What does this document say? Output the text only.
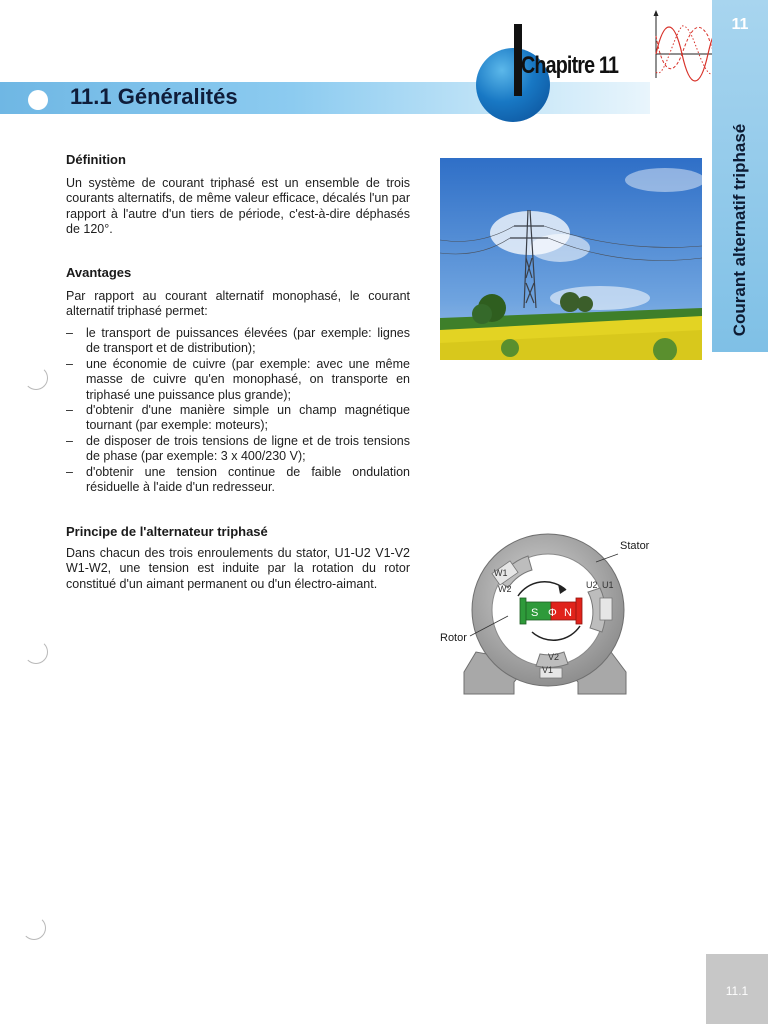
11.1 Généralités
Chapitre 11
11
Courant alternatif triphasé
Définition
Un système de courant triphasé est un ensemble de trois courants alternatifs, de même valeur efficace, décalés l'un par rapport à l'autre d'un tiers de période, c'est-à-dire déphasés de 120°.
Avantages
Par rapport au courant alternatif monophasé, le courant alternatif triphasé permet:
– le transport de puissances élevées (par exemple: lignes de transport et de distribution);
– une économie de cuivre (par exemple: avec une même masse de cuivre qu'en monophasé, on transporte en triphasé une puissance plus grande);
– d'obtenir d'une manière simple un champ magnétique tournant (par exemple: moteurs);
– de disposer de trois tensions de ligne et de trois tensions de phase (par exemple: 3 x 400/230 V);
– d'obtenir une tension continue de faible ondulation résiduelle à l'aide d'un redresseur.
Principe de l'alternateur triphasé
Dans chacun des trois enroulements du stator, U1-U2 V1-V2 W1-W2, une tension est induite par la rotation du rotor constitué d'un aimant permanent ou d'un électro-aimant.
S Φ N
W1
W2	U2 U1
V2
V1
Stator
Rotor
11.1
